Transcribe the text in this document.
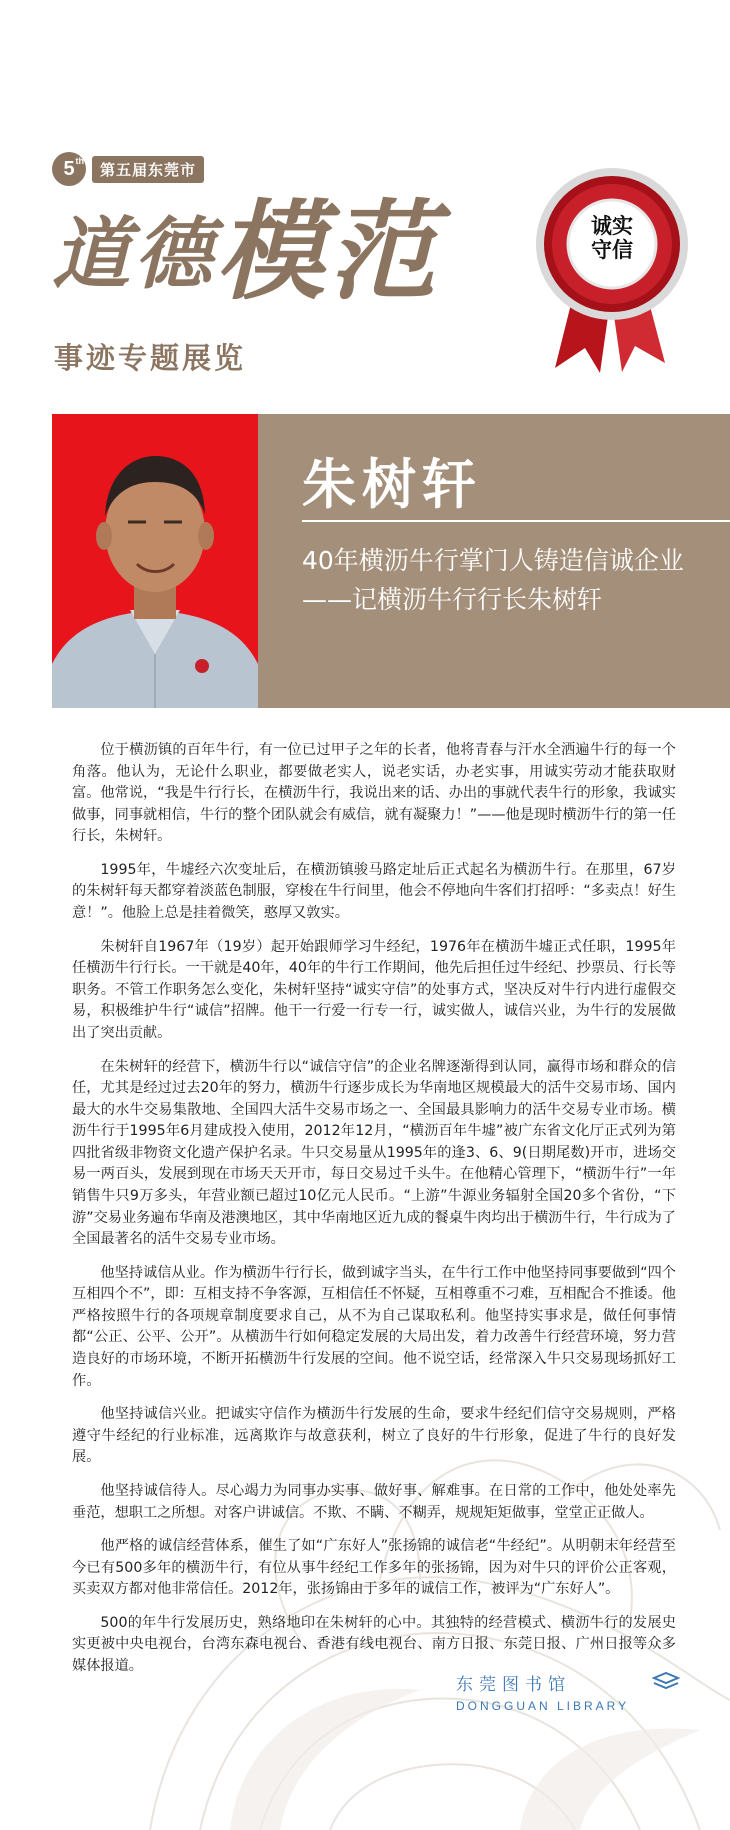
5th	第五届东莞市
道德模范
事迹专题展览
诚实
守信
朱树轩
40年横沥牛行掌门人铸造信诚企业
——记横沥牛行行长朱树轩

位于横沥镇的百年牛行，有一位已过甲子之年的长者，他将青春与汗水全洒遍牛行的每一个角落。他认为，无论什么职业，都要做老实人，说老实话，办老实事，用诚实劳动才能获取财富。他常说，“我是牛行行长，在横沥牛行，我说出来的话、办出的事就代表牛行的形象，我诚实做事，同事就相信，牛行的整个团队就会有威信，就有凝聚力！”——他是现时横沥牛行的第一任行长，朱树轩。

1995年，牛墟经六次变址后，在横沥镇骏马路定址后正式起名为横沥牛行。在那里，67岁的朱树轩每天都穿着淡蓝色制服，穿梭在牛行间里，他会不停地向牛客们打招呼：“多卖点！好生意！”。他脸上总是挂着微笑，憨厚又敦实。

朱树轩自1967年（19岁）起开始跟师学习牛经纪，1976年在横沥牛墟正式任职，1995年任横沥牛行行长。一干就是40年，40年的牛行工作期间，他先后担任过牛经纪、抄票员、行长等职务。不管工作职务怎么变化，朱树轩坚持“诚实守信”的处事方式，坚决反对牛行内进行虚假交易，积极维护牛行“诚信”招牌。他干一行爱一行专一行，诚实做人，诚信兴业，为牛行的发展做出了突出贡献。

在朱树轩的经营下，横沥牛行以“诚信守信”的企业名牌逐渐得到认同，赢得市场和群众的信任，尤其是经过过去20年的努力，横沥牛行逐步成长为华南地区规模最大的活牛交易市场、国内最大的水牛交易集散地、全国四大活牛交易市场之一、全国最具影响力的活牛交易专业市场。横沥牛行于1995年6月建成投入使用，2012年12月，“横沥百年牛墟”被广东省文化厅正式列为第四批省级非物资文化遗产保护名录。牛只交易量从1995年的逢3、6、9(日期尾数)开市，进场交易一两百头，发展到现在市场天天开市，每日交易过千头牛。在他精心管理下，“横沥牛行”一年销售牛只9万多头，年营业额已超过10亿元人民币。“上游”牛源业务辐射全国20多个省份，“下游”交易业务遍布华南及港澳地区，其中华南地区近九成的餐桌牛肉均出于横沥牛行，牛行成为了全国最著名的活牛交易专业市场。

他坚持诚信从业。作为横沥牛行行长，做到诚字当头，在牛行工作中他坚持同事要做到“四个互相四个不”，即：互相支持不争客源，互相信任不怀疑，互相尊重不刁难，互相配合不推诿。他严格按照牛行的各项规章制度要求自己，从不为自己谋取私利。他坚持实事求是，做任何事情都“公正、公平、公开”。从横沥牛行如何稳定发展的大局出发，着力改善牛行经营环境，努力营造良好的市场环境，不断开拓横沥牛行发展的空间。他不说空话，经常深入牛只交易现场抓好工作。

他坚持诚信兴业。把诚实守信作为横沥牛行发展的生命，要求牛经纪们信守交易规则，严格遵守牛经纪的行业标准，远离欺诈与故意获利，树立了良好的牛行形象，促进了牛行的良好发展。

他坚持诚信待人。尽心竭力为同事办实事、做好事、解难事。在日常的工作中，他处处率先垂范，想职工之所想。对客户讲诚信。不欺、不瞒、不糊弄，规规矩矩做事，堂堂正正做人。

他严格的诚信经营体系，催生了如“广东好人”张扬锦的诚信老“牛经纪”。从明朝末年经营至今已有500多年的横沥牛行，有位从事牛经纪工作多年的张扬锦，因为对牛只的评价公正客观，买卖双方都对他非常信任。2012年，张扬锦由于多年的诚信工作，被评为“广东好人”。

500的年牛行发展历史，熟络地印在朱树轩的心中。其独特的经营模式、横沥牛行的发展史实更被中央电视台，台湾东森电视台、香港有线电视台、南方日报、东莞日报、广州日报等众多媒体报道。

东莞图书馆
DONGGUAN LIBRARY
